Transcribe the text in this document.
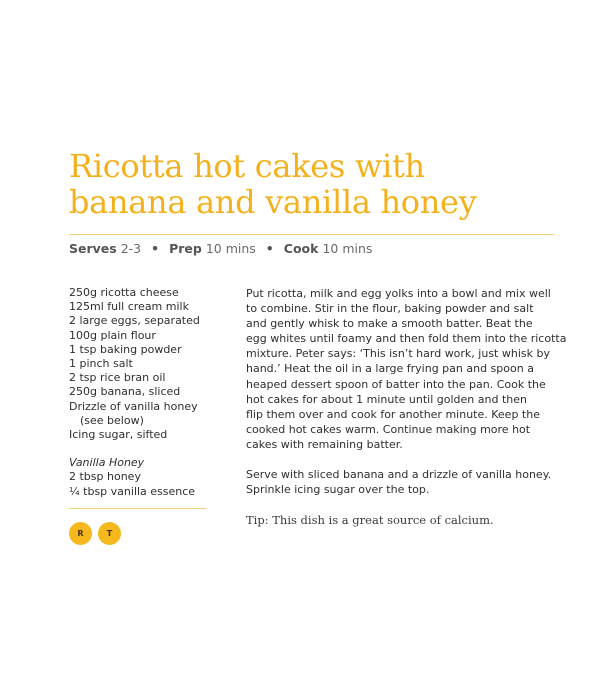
Ricotta hot cakes with
banana and vanilla honey
Serves 2-3 • Prep 10 mins • Cook 10 mins
250g ricotta cheese
125ml full cream milk
2 large eggs, separated
100g plain flour
1 tsp baking powder
1 pinch salt
2 tsp rice bran oil
250g banana, sliced
Drizzle of vanilla honey
(see below)
Icing sugar, sifted
Vanilla Honey
2 tbsp honey
¼ tbsp vanilla essence
R	T
Put ricotta, milk and egg yolks into a bowl and mix well
to combine. Stir in the flour, baking powder and salt
and gently whisk to make a smooth batter. Beat the
egg whites until foamy and then fold them into the ricotta
mixture. Peter says: ‘This isn’t hard work, just whisk by
hand.’ Heat the oil in a large frying pan and spoon a
heaped dessert spoon of batter into the pan. Cook the
hot cakes for about 1 minute until golden and then
flip them over and cook for another minute. Keep the
cooked hot cakes warm. Continue making more hot
cakes with remaining batter.
Serve with sliced banana and a drizzle of vanilla honey.
Sprinkle icing sugar over the top.
Tip: This dish is a great source of calcium.
